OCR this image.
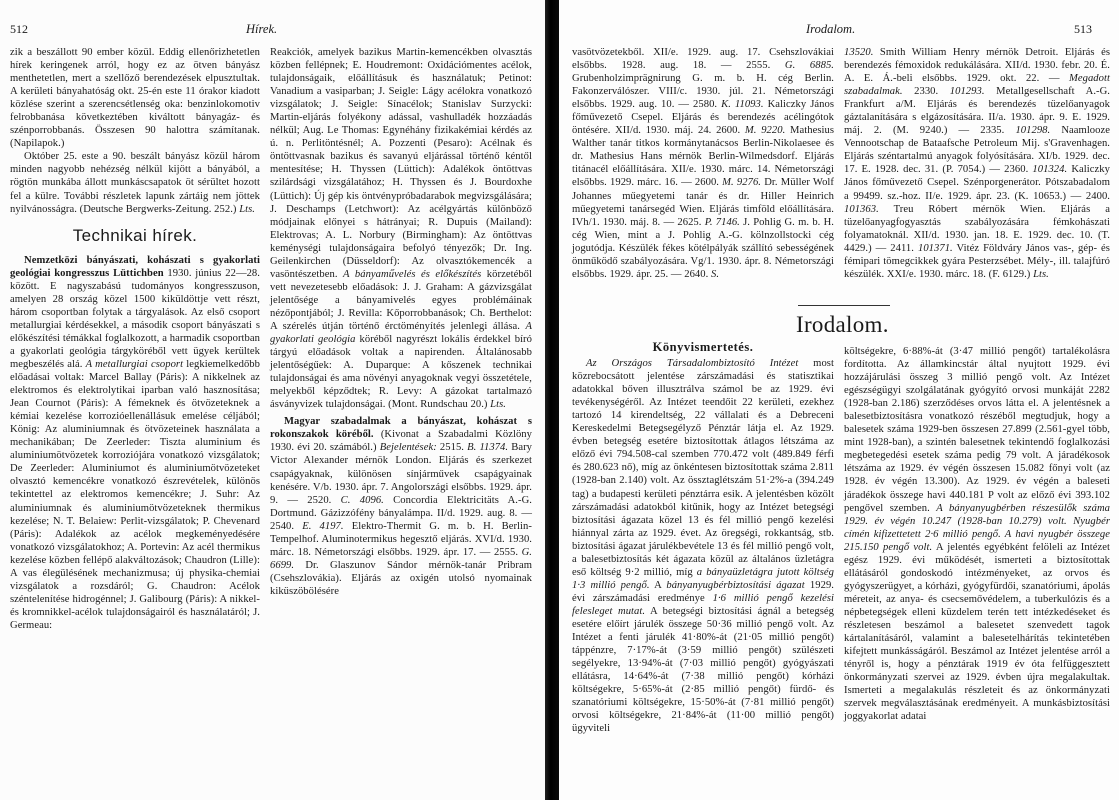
512	Hírek.

zik a beszállott 90 ember közül. Eddig ellenőrizhetetlen hírek keringenek arról, hogy ez az ötven bányász menthetetlen, mert a szellőző berendezések elpusztultak. A kerületi bányahatóság okt. 25-én este 11 órakor kiadott közlése szerint a szerencsétlenség oka: benzinlokomotiv felrobbanása következtében kiváltott bányagáz- és szénporrobbanás. Összesen 90 halottra számítanak. (Napilapok.)

Október 25. este a 90. beszált bányász közül három minden nagyobb nehézség nélkül kijött a bányából, a rögtön munkába állott munkáscsapatok öt sérültet hozott fel a külre. További részletek lapunk zártáig nem jöttek nyilvánosságra. (Deutsche Bergwerks-Zeitung. 252.) Lts.

Technikai hírek.

Nemzetközi bányászati, kohászati s gyakorlati geológiai kongresszus Lüttichben 1930. június 22—28. között. E nagyszabású tudományos kongresszuson, amelyen 28 ország közel 1500 kiküldöttje vett részt, három csoportban folytak a tárgyalások. Az első csoport metallurgiai kérdésekkel, a második csoport bányászati s előkészítési témákkal foglalkozott, a harmadik csoportban a gyakorlati geológia tárgyköréből vett ügyek kerültek megbeszélés alá. A metallurgiai csoport legkiemelkedőbb előadásai voltak: Marcel Ballay (Páris): A nikkelnek az elektromos és elektrolytikai iparban való hasznosítása; Jean Cournot (Páris): A fémeknek és ötvözeteknek a kémiai kezelése korrozióellenállásuk emelése céljából; König: Az aluminiumnak és ötvözeteinek használata a mechanikában; De Zeerleder: Tiszta aluminium és aluminiumötvözetek korroziójára vonatkozó vizsgálatok; De Zeerleder: Aluminiumot és aluminiumötvözeteket olvasztó kemencékre vonatkozó észrevételek, különös tekintettel az elektromos kemencékre; J. Suhr: Az aluminiumnak és aluminiumötvözeteknek thermikus kezelése; N. T. Belaiew: Perlit-vizsgálatok; P. Chevenard (Páris): Adalékok az acélok megkeményedésére vonatkozó vizsgálatokhoz; A. Portevin: Az acél thermikus kezelése közben fellépő alakváltozások; Chaudron (Lille): A vas élegülésének mechanizmusa; új physika-chemiai vizsgálatok a rozsdáról; G. Chaudron: Acélok széntelenítése hidrogénnel; J. Galibourg (Páris): A nikkel- és kromnikkel-acélok tulajdonságairól és használatáról; J. Germeau:

Reakciók, amelyek bazikus Martin-kemencékben olvasztás közben fellépnek; E. Houdremont: Oxidációmentes acélok, tulajdonságaik, előállításuk és használatuk; Petinot: Vanadium a vasiparban; J. Seigle: Lágy acélokra vonatkozó vizsgálatok; J. Seigle: Sínacélok; Stanislav Surzycki: Martin-eljárás folyékony adással, vashulladék hozzáadás nélkül; Aug. Le Thomas: Egynéhány fizikakémiai kérdés az ú. n. Perlitöntésnél; A. Pozzenti (Pesaro): Acélnak és öntöttvasnak bazikus és savanyú eljárással történő kéntől mentesítése; H. Thyssen (Lüttich): Adalékok öntöttvas szilárdsági vizsgálatához; H. Thyssen és J. Bourdoxhe (Lüttich): Új gép kis öntvénypróbadarabok megvizsgálására; J. Deschamps (Letchwort): Az acélgyártás különböző módjainak előnyei s hátrányai; R. Dupuis (Mailand): Elektrovas; A. L. Norbury (Birmingham): Az öntöttvas keménységi tulajdonságaira befolyó tényezők; Dr. Ing. Geilenkirchen (Düsseldorf): Az olvasztókemencék a vasöntészetben. A bányaművelés és előkészítés körzetéből vett nevezetesebb előadások: J. J. Graham: A gázvizsgálat jelentősége a bányamivelés egyes problémáinak nézőpontjából; J. Revilla: Kőporrobbanások; Ch. Berthelot: A szérelés útján történő érctöményítés jelenlegi állása. A gyakorlati geológia köréből nagyrészt lokális érdekkel bíró tárgyú előadások voltak a napirenden. Általánosabb jelentőségűek: A. Duparque: A kőszenek technikai tulajdonságai és ama növényi anyagoknak vegyi összetétele, melyekből képződtek; R. Levy: A gázokat tartalmazó ásványvizek tulajdonságai. (Mont. Rundschau 20.) Lts.

Magyar szabadalmak a bányászat, kohászat s rokonszakok köréből. (Kivonat a Szabadalmi Közlöny 1930. évi 20. számából.) Bejelentések: 2515. B. 11374. Bary Victor Alexander mérnök London. Eljárás és szerkezet csapágyaknak, különösen sínjárművek csapágyainak kenésére. V/b. 1930. ápr. 7. Angolországi elsőbbs. 1929. ápr. 9. — 2520. C. 4096. Concordia Elektricitäts A.-G. Dortmund. Gázizzófény bányalámpa. II/d. 1929. aug. 8. — 2540. E. 4197. Elektro-Thermit G. m. b. H. Berlin-Tempelhof. Aluminotermikus hegesztő eljárás. XVI/d. 1930. márc. 18. Németországi elsőbbs. 1929. ápr. 17. — 2555. G. 6699. Dr. Glaszunov Sándor mérnök-tanár Pribram (Csehszlovákia). Eljárás az oxigén utolsó nyomainak kiküszöbölésére

Irodalom.	513

vasötvözetekből. XII/e. 1929. aug. 17. Csehszlovákiai elsőbbs. 1928. aug. 18. — 2555. G. 6885. Grubenholzimprägnirung G. m. b. H. cég Berlin. Fakonzerválószer. VIII/c. 1930. júl. 21. Németországi elsőbbs. 1929. aug. 10. — 2580. K. 11093. Kaliczky János főművezető Csepel. Eljárás és berendezés acélingótok öntésére. XII/d. 1930. máj. 24. 2600. M. 9220. Mathesius Walther tanár titkos kormánytanácsos Berlin-Nikolaesee és dr. Mathesius Hans mérnök Berlin-Wilmedsdorf. Eljárás titánacél előállítására. XII/e. 1930. márc. 14. Németországi elsőbbs. 1929. márc. 16. — 2600. M. 9276. Dr. Müller Wolf Johannes műegyetemi tanár és dr. Hiller Heinrich műegyetemi tanársegéd Wien. Eljárás timföld előállítására. IVh/1. 1930. máj. 8. — 2625. P. 7146. J. Pohlig G. m. b. H. cég Wien, mint a J. Pohlig A.-G. kölnzollstocki cég jogutódja. Készülék fékes kötélpályák szállító sebességének önműködő szabályozására. Vg/1. 1930. ápr. 8. Németországi elsőbbs. 1929. ápr. 25. — 2640. S.

13520. Smith William Henry mérnök Detroit. Eljárás és berendezés fémoxidok redukálására. XII/d. 1930. febr. 20. É. A. E. Á.-beli elsőbbs. 1929. okt. 22. — Megadott szabadalmak. 2330. 101293. Metallgesellschaft A.-G. Frankfurt a/M. Eljárás és berendezés tüzelőanyagok gáztalanítására s elgázosítására. II/a. 1930. ápr. 9. E. 1929. máj. 2. (M. 9240.) — 2335. 101298. Naamlooze Vennootschap de Bataafsche Petroleum Mij. s'Gravenhagen. Eljárás széntartalmú anyagok folyósítására. XI/b. 1929. dec. 17. E. 1928. dec. 31. (P. 7054.) — 2360. 101324. Kaliczky János főművezető Csepel. Szénporgenerátor. Pótszabadalom a 99499. sz.-hoz. II/e. 1929. ápr. 23. (K. 10653.) — 2400. 101363. Treu Róbert mérnök Wien. Eljárás a tüzelőanyagfogyasztás szabályozására fémkohászati folyamatoknál. XII/d. 1930. jan. 18. E. 1929. dec. 10. (T. 4429.) — 2411. 101371. Vitéz Földváry János vas-, gép- és fémipari tömegcikkek gyára Pesterzsébet. Mély-, ill. talajfúró készülék. XXI/e. 1930. márc. 18. (F. 6129.) Lts.

Irodalom.
Könyvismertetés.

Az Országos Társadalombiztosító Intézet most közrebocsátott jelentése zárszámadási és statisztikai adatokkal bőven illusztrálva számol be az 1929. évi tevékenységéről. Az Intézet teendőit 22 kerületi, ezekhez tartozó 14 kirendeltség, 22 vállalati és a Debreceni Kereskedelmi Betegsegélyző Pénztár látja el. Az 1929. évben betegség esetére biztosítottak átlagos létszáma az előző évi 794.508-cal szemben 770.472 volt (489.849 férfi és 280.623 nő), míg az önkéntesen biztosítottak száma 2.811 (1928-ban 2.140) volt. Az össztaglétszám 51·2%-a (394.249 tag) a budapesti kerületi pénztárra esik. A jelentésben közölt zárszámadási adatokból kitűnik, hogy az Intézet betegségi biztosítási ágazata közel 13 és fél millió pengő kezelési hiánnyal zárta az 1929. évet. Az öregségi, rokkantság, stb. biztosítási ágazat járulékbevétele 13 és fél millió pengő volt, a balesetbiztosítás két ágazata közül az általános üzletágra eső költség 9·2 millió, míg a bányaüzletágra jutott költség 1·3 millió pengő. A bányanyugbérbiztosítási ágazat 1929. évi zárszámadási eredménye 1·6 millió pengő kezelési felesleget mutat. A betegségi biztosítási ágnál a betegség esetére előírt járulék összege 50·36 millió pengő volt. Az Intézet a fenti járulék 41·80%-át (21·05 millió pengőt) táppénzre, 7·17%-át (3·59 millió pengőt) szülészeti segélyekre, 13·94%-át (7·03 millió pengőt) gyógyászati ellátásra, 14·64%-át (7·38 millió pengőt) kórházi költségekre, 5·65%-át (2·85 millió pengőt) fürdő- és szanatóriumi költségekre, 15·50%-át (7·81 millió pengőt) orvosi költségekre, 21·84%-át (11·00 millió pengőt) ügyviteli

költségekre, 6·88%-át (3·47 millió pengőt) tartalékolásra fordította. Az államkincstár által nyujtott 1929. évi hozzájárulási összeg 3 millió pengő volt. Az Intézet egészségügyi szolgálatának gyógyító orvosi munkáját 2282 (1928-ban 2.186) szerződéses orvos látta el. A jelentésnek a balesetbiztosításra vonatkozó részéből megtudjuk, hogy a balesetek száma 1929-ben összesen 27.899 (2.561-gyel több, mint 1928-ban), a szintén balesetnek tekintendő foglalkozási megbetegedési esetek száma pedig 79 volt. A járadékosok létszáma az 1929. év végén összesen 15.082 főnyi volt (az 1928. év végén 13.300). Az 1929. év végén a baleseti járadékok összege havi 440.181 P volt az előző évi 393.102 pengővel szemben. A bányanyugbérben részesülők száma 1929. év végén 10.247 (1928-ban 10.279) volt. Nyugbér címén kifizettetett 2·6 millió pengő. A havi nyugbér összege 215.150 pengő volt. A jelentés egyébként felöleli az Intézet egész 1929. évi működését, ismerteti a biztosítottak ellátásáról gondoskodó intézményeket, az orvos és gyógyszerügyet, a kórházi, gyógyfürdői, szanatóriumi, ápolás méreteit, az anya- és csecsemővédelem, a tuberkulózis és a népbetegségek elleni küzdelem terén tett intézkedéseket és részletesen beszámol a balesetet szenvedett tagok kártalanításáról, valamint a balesetelhárítás tekintetében kifejtett munkásságáról. Beszámol az Intézet jelentése arról a tényről is, hogy a pénztárak 1919 év óta felfüggesztett önkormányzati szervei az 1929. évben újra megalakultak. Ismerteti a megalakulás részleteit és az önkormányzati szervek megválasztásának eredményeit. A munkásbiztosítási joggyakorlat adatai
